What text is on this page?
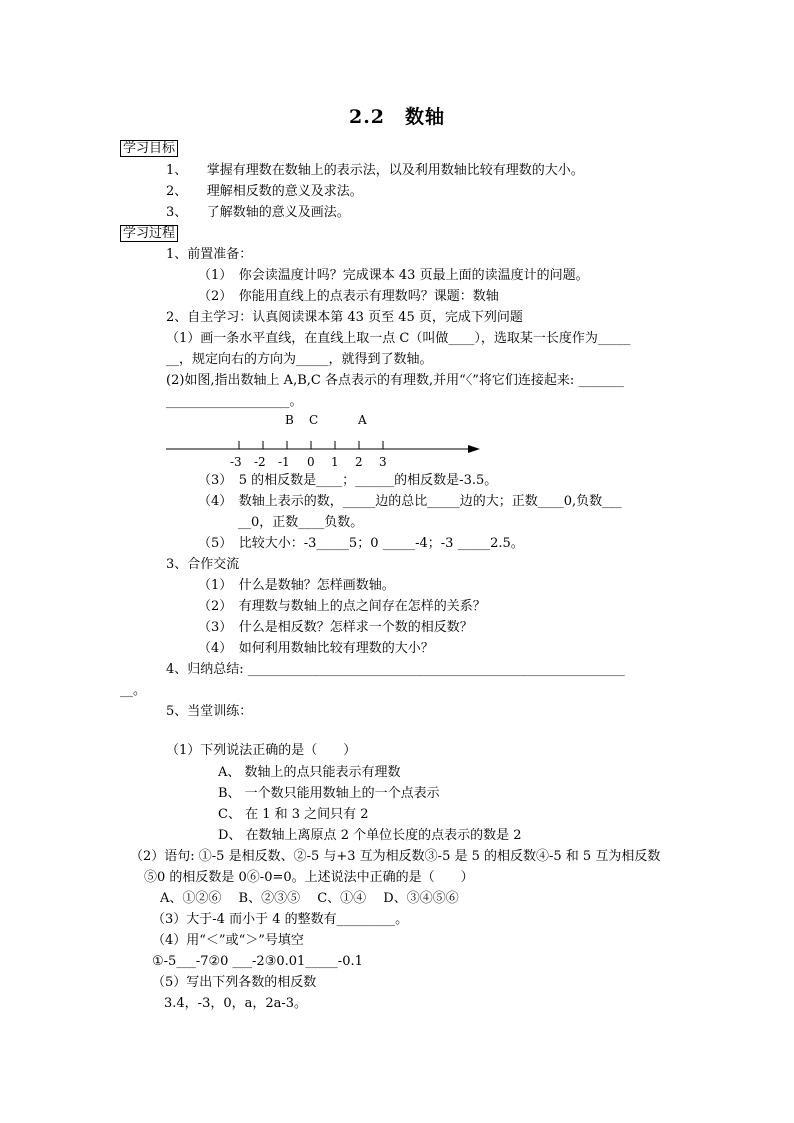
2.2　数轴
学习目标
1、　　掌握有理数在数轴上的表示法，以及利用数轴比较有理数的大小。
2、　　理解相反数的意义及求法。
3、　　了解数轴的意义及画法。
学习过程
1、前置准备：
（1）　你会读温度计吗？完成课本 43 页最上面的读温度计的问题。
（2）　你能用直线上的点表示有理数吗？课题：数轴
2、自主学习：认真阅读课本第 43 页至 45 页，完成下列问题
（1）画一条水平直线，在直线上取一点 C（叫做____），选取某一长度作为_____
__，规定向右的方向为_____，就得到了数轴。
(2)如图,指出数轴上 A,B,C 各点表示的有理数,并用“〈”将它们连接起来: _______
___________________。
B C	A
-3 -2 -1 0 1 2 3
（3）　5 的相反数是____；______的相反数是-3.5。
（4）　数轴上表示的数，_____边的总比_____边的大；正数____0,负数___
__0，正数____负数。
（5）　比较大小：-3_____5；0 _____-4；-3 _____2.5。
3、合作交流
（1）　什么是数轴？怎样画数轴。
（2）　有理数与数轴上的点之间存在怎样的关系？
（3）　什么是相反数？怎样求一个数的相反数？
（4）　如何利用数轴比较有理数的大小？
4、归纳总结: __________________________________________________________
__。
5、当堂训练：
（1）下列说法正确的是（　　）
A、 数轴上的点只能表示有理数
B、 一个数只能用数轴上的一个点表示
C、 在 1 和 3 之间只有 2
D、 在数轴上离原点 2 个单位长度的点表示的数是 2
（2）语句: ①-5 是相反数、②-5 与+3 互为相反数③-5 是 5 的相反数④-5 和 5 互为相反数
⑤0 的相反数是 0⑥-0=0。上述说法中正确的是（　　）
A、①②⑥　 B、②③⑤　 C、①④　 D、③④⑤⑥
（3）大于-4 而小于 4 的整数有_________。
（4）用“＜”或“＞”号填空
①-5___-7②0 ___-2③0.01_____-0.1
（5）写出下列各数的相反数
3.4，-3，0，a，2a-3。
